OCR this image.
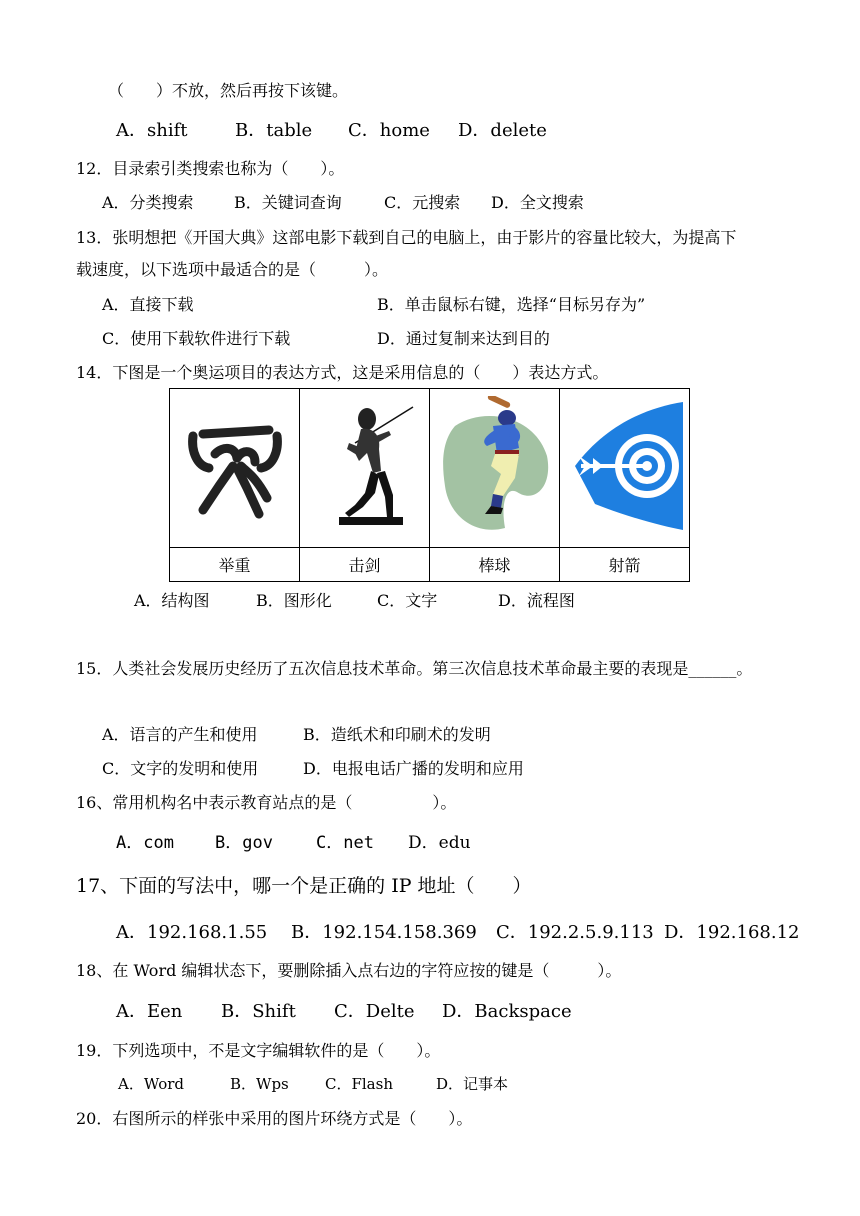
（　　）不放，然后再按下该键。
A．shift	B．table C．home D．delete
12．目录索引类搜索也称为（　　）。
A．分类搜索	B．关键词查询	C．元搜索 D．全文搜索
13．张明想把《开国大典》这部电影下载到自己的电脑上，由于影片的容量比较大，为提高下
载速度，以下选项中最适合的是（　　　）。
A．直接下载	B．单击鼠标右键，选择“目标另存为”
C．使用下载软件进行下载	D．通过复制来达到目的
14．下图是一个奥运项目的表达方式，这是采用信息的（　　）表达方式。

举重	击剑	棒球	射箭
A．结构图	B．图形化	C．文字	D．流程图
15．人类社会发展历史经历了五次信息技术革命。第三次信息技术革命最主要的表现是______。
A．语言的产生和使用	B．造纸术和印刷术的发明
C．文字的发明和使用	D．电报电话广播的发明和应用
16、常用机构名中表示教育站点的是（　　　　　）。
A．com B．gov	C．net D．edu
17、下面的写法中，哪一个是正确的 IP 地址（　　）
A．192.168.1.55 B．192.154.158.369 C．192.2.5.9.113 D．192.168.12
18、在 Word 编辑状态下，要删除插入点右边的字符应按的键是（　　　）。
A．Een B．Shift C．Delte D．Backspace
19．下列选项中，不是文字编辑软件的是（　　）。
A．Word	B．Wps C．Flash	D．记事本
20．右图所示的样张中采用的图片环绕方式是（　　）。
